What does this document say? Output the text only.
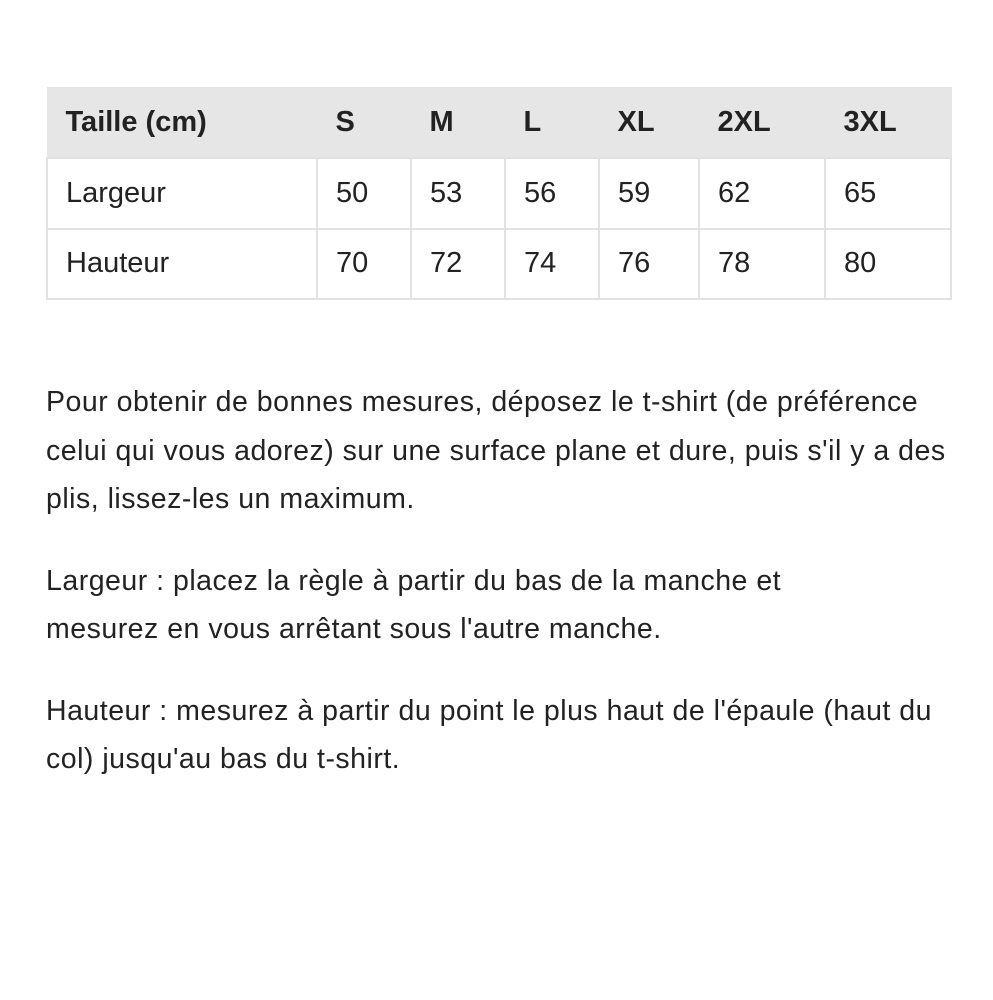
Taille (cm)	S	M	L	XL	2XL	3XL
Largeur	50	53	56	59	62	65
Hauteur	70	72	74	76	78	80

Pour obtenir de bonnes mesures, déposez le t-shirt (de préférence celui qui vous adorez) sur une surface plane et dure, puis s'il y a des plis, lissez-les un maximum.

Largeur : placez la règle à partir du bas de la manche et mesurez en vous arrêtant sous l'autre manche.

Hauteur : mesurez à partir du point le plus haut de l'épaule (haut du col) jusqu'au bas du t-shirt.
